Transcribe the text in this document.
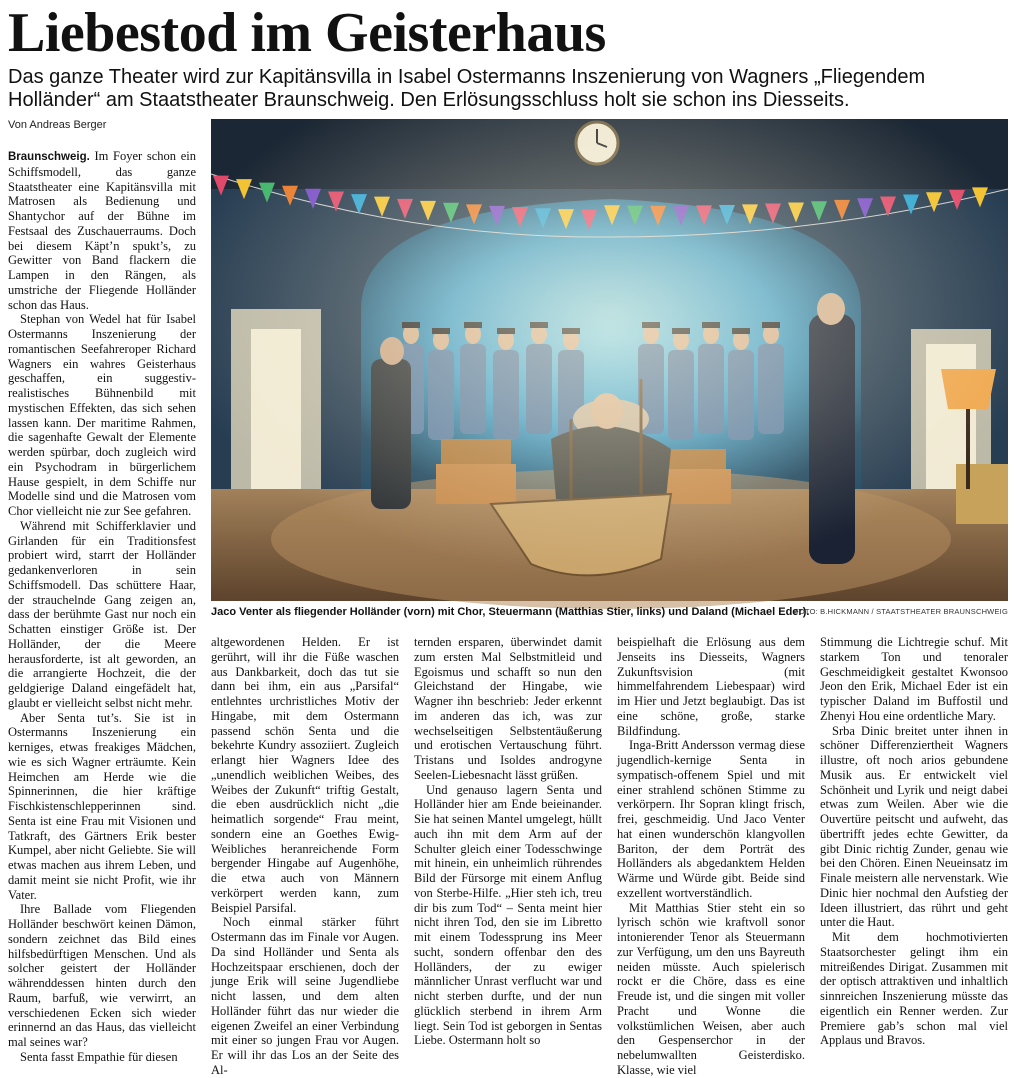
Liebestod im Geisterhaus
Das ganze Theater wird zur Kapitänsvilla in Isabel Ostermanns Inszenierung von Wagners „Fliegendem Holländer“ am Staatstheater Braunschweig. Den Erlösungsschluss holt sie schon ins Diesseits.
Von Andreas Berger

Braunschweig. Im Foyer schon ein Schiffsmodell, das ganze Staatstheater eine Kapitänsvilla mit Matrosen als Bedienung und Shantychor auf der Bühne im Festsaal des Zuschauerraums. Doch bei diesem Käpt’n spukt’s, zu Gewitter von Band flackern die Lampen in den Rängen, als umstriche der Fliegende Holländer schon das Haus.

Stephan von Wedel hat für Isabel Ostermanns Inszenierung der romantischen Seefahreroper Richard Wagners ein wahres Geisterhaus geschaffen, ein suggestiv-realistisches Bühnenbild mit mystischen Effekten, das sich sehen lassen kann. Der maritime Rahmen, die sagenhafte Gewalt der Elemente werden spürbar, doch zugleich wird ein Psychodram in bürgerlichem Hause gespielt, in dem Schiffe nur Modelle sind und die Matrosen vom Chor vielleicht nie zur See gefahren.

Während mit Schifferklavier und Girlanden für ein Traditionsfest probiert wird, starrt der Holländer gedankenverloren in sein Schiffsmodell. Das schüttere Haar, der strauchelnde Gang zeigen an, dass der berühmte Gast nur noch ein Schatten einstiger Größe ist. Der Holländer, der die Meere herausforderte, ist alt geworden, an die arrangierte Hochzeit, die der geldgierige Daland eingefädelt hat, glaubt er vielleicht selbst nicht mehr.

Aber Senta tut’s. Sie ist in Ostermanns Inszenierung ein kerniges, etwas freakiges Mädchen, wie es sich Wagner erträumte. Kein Heimchen am Herde wie die Spinnerinnen, die hier kräftige Fischkistenschlepperinnen sind. Senta ist eine Frau mit Visionen und Tatkraft, des Gärtners Erik bester Kumpel, aber nicht Geliebte. Sie will etwas machen aus ihrem Leben, und damit meint sie nicht Profit, wie ihr Vater.

Ihre Ballade vom Fliegenden Holländer beschwört keinen Dämon, sondern zeichnet das Bild eines hilfsbedürftigen Menschen. Und als solcher geistert der Holländer währenddessen hinten durch den Raum, barfuß, wie verwirrt, an verschiedenen Ecken sich wieder erinnernd an das Haus, das vielleicht mal seines war?

Senta fasst Empathie für diesen

Jaco Venter als fliegender Holländer (vorn) mit Chor, Steuermann (Matthias Stier, links) und Daland (Michael Eder).
FOTO: B.HICKMANN / STAATSTHEATER BRAUNSCHWEIG

altgewordenen Helden. Er ist gerührt, will ihr die Füße waschen aus Dankbarkeit, doch das tut sie dann bei ihm, ein aus „Parsifal“ entlehntes urchristliches Motiv der Hingabe, mit dem Ostermann passend schön Senta und die bekehrte Kundry assoziiert. Zugleich erlangt hier Wagners Idee des „unendlich weiblichen Weibes, des Weibes der Zukunft“ triftig Gestalt, die eben ausdrücklich nicht „die heimatlich sorgende“ Frau meint, sondern eine an Goethes Ewig-Weibliches heranreichende Form bergender Hingabe auf Augenhöhe, die etwa auch von Männern verkörpert werden kann, zum Beispiel Parsifal.

Noch einmal stärker führt Ostermann das im Finale vor Augen. Da sind Holländer und Senta als Hochzeitspaar erschienen, doch der junge Erik will seine Jugendliebe nicht lassen, und dem alten Holländer führt das nur wieder die eigenen Zweifel an einer Verbindung mit einer so jungen Frau vor Augen. Er will ihr das Los an der Seite des Al-

ternden ersparen, überwindet damit zum ersten Mal Selbstmitleid und Egoismus und schafft so nun den Gleichstand der Hingabe, wie Wagner ihn beschrieb: Jeder erkennt im anderen das ich, was zur wechselseitigen Selbstentäußerung und erotischen Vertauschung führt. Tristans und Isoldes androgyne Seelen-Liebesnacht lässt grüßen.

Und genauso lagern Senta und Holländer hier am Ende beieinander. Sie hat seinen Mantel umgelegt, hüllt auch ihn mit dem Arm auf der Schulter gleich einer Todesschwinge mit hinein, ein unheimlich rührendes Bild der Fürsorge mit einem Anflug von Sterbe-Hilfe. „Hier steh ich, treu dir bis zum Tod“ – Senta meint hier nicht ihren Tod, den sie im Libretto mit einem Todessprung ins Meer sucht, sondern offenbar den des Holländers, der zu ewiger männlicher Unrast verflucht war und nicht sterben durfte, und der nun glücklich sterbend in ihrem Arm liegt. Sein Tod ist geborgen in Sentas Liebe. Ostermann holt so

beispielhaft die Erlösung aus dem Jenseits ins Diesseits, Wagners Zukunftsvision (mit himmelfahrendem Liebespaar) wird im Hier und Jetzt beglaubigt. Das ist eine schöne, große, starke Bildfindung.

Inga-Britt Andersson vermag diese jugendlich-kernige Senta in sympatisch-offenem Spiel und mit einer strahlend schönen Stimme zu verkörpern. Ihr Sopran klingt frisch, frei, geschmeidig. Und Jaco Venter hat einen wunderschön klangvollen Bariton, der dem Porträt des Holländers als abgedanktem Helden Wärme und Würde gibt. Beide sind exzellent wortverständlich.

Mit Matthias Stier steht ein so lyrisch schön wie kraftvoll sonor intonierender Tenor als Steuermann zur Verfügung, um den uns Bayreuth neiden müsste. Auch spielerisch rockt er die Chöre, dass es eine Freude ist, und die singen mit voller Pracht und Wonne die volkstümlichen Weisen, aber auch den Gespenserchor in der nebelumwallten Geisterdisko. Klasse, wie viel

Stimmung die Lichtregie schuf. Mit starkem Ton und tenoraler Geschmeidigkeit gestaltet Kwonsoo Jeon den Erik, Michael Eder ist ein typischer Daland im Buffostil und Zhenyi Hou eine ordentliche Mary.

Srba Dinic breitet unter ihnen in schöner Differenziertheit Wagners illustre, oft noch arios gebundene Musik aus. Er entwickelt viel Schönheit und Lyrik und neigt dabei etwas zum Weilen. Aber wie die Ouvertüre peitscht und aufweht, das übertrifft jedes echte Gewitter, da gibt Dinic richtig Zunder, genau wie bei den Chören. Einen Neueinsatz im Finale meistern alle nervenstark. Wie Dinic hier nochmal den Aufstieg der Ideen illustriert, das rührt und geht unter die Haut.

Mit dem hochmotivierten Staatsorchester gelingt ihm ein mitreißendes Dirigat. Zusammen mit der optisch attraktiven und inhaltlich sinnreichen Inszenierung müsste das eigentlich ein Renner werden. Zur Premiere gab’s schon mal viel Applaus und Bravos.
